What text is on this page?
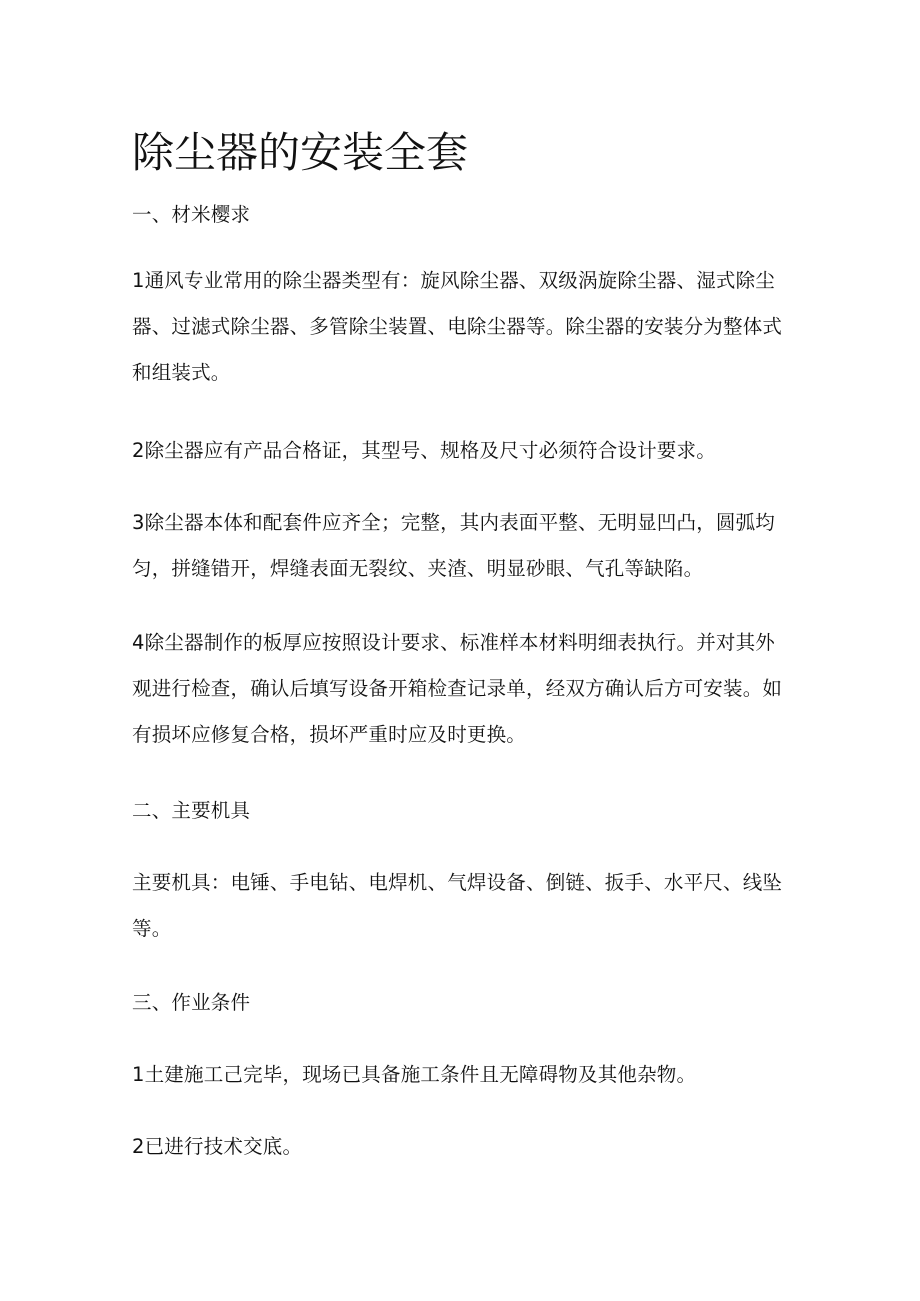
除尘器的安装全套

一、材米樱求

1通风专业常用的除尘器类型有：旋风除尘器、双级涡旋除尘器、湿式除尘器、过滤式除尘器、多管除尘装置、电除尘器等。除尘器的安装分为整体式和组装式。

2除尘器应有产品合格证，其型号、规格及尺寸必须符合设计要求。

3除尘器本体和配套件应齐全；完整，其内表面平整、无明显凹凸，圆弧均匀，拼缝错开，焊缝表面无裂纹、夹渣、明显砂眼、气孔等缺陷。

4除尘器制作的板厚应按照设计要求、标准样本材料明细表执行。并对其外观进行检查，确认后填写设备开箱检查记录单，经双方确认后方可安装。如有损坏应修复合格，损坏严重时应及时更换。

二、主要机具

主要机具：电锤、手电钻、电焊机、气焊设备、倒链、扳手、水平尺、线坠等。

三、作业条件

1土建施工己完毕，现场已具备施工条件且无障碍物及其他杂物。

2已进行技术交底。
